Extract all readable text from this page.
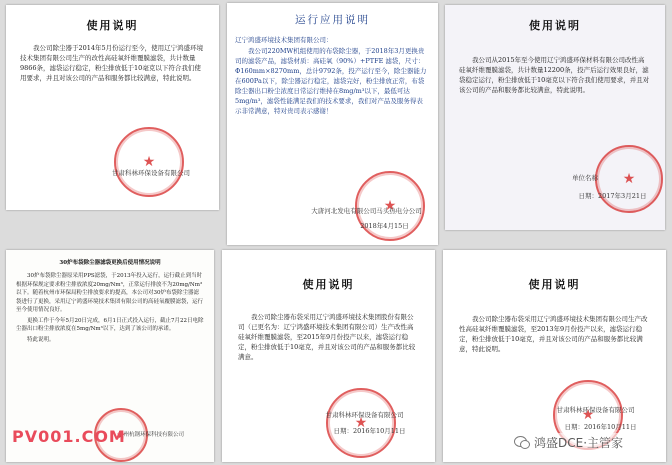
使用说明

我公司除尘器于2014年5月份运行至今，使用辽宁鸿盛环境技术集团有限公司生产的改性高硅氧纤维覆膜滤袋，共计数量9866条，滤袋运行稳定，粉尘排放低于10毫克以下符合我们使用要求，并且对该公司的产品和服务都比较满意，特此说明。

★
甘肃科林环保设备有限公司
运行应用说明
辽宁鸿盛环境技术集团有限公司：

我公司220MW机组使用的布袋除尘器，于2018年3月更换贵司的滤袋产品，滤袋材质：高硅氧（90%）+PTFE 滤袋，尺寸：Φ160mm×8270mm，总计9792条，投产运行至今，除尘器能力在600Pa以下，除尘器运行稳定，滤袋完好，粉尘排放正常，布袋除尘器出口粉尘浓度日常运行维持在8mg/m³以下，最低可达5mg/m³，滤袋性能满足我们的技术要求，我们对产品及服务得表示非常满意，特对贵司表示感谢！

★
大唐河北发电有限公司马头热电分公司
2018年4月15日
使用说明

我公司从2015年至今使用辽宁鸿盛环保材料有限公司改性高硅氧纤维覆膜滤袋，共计数量12200条，投产后运行效果良好，滤袋稳定运行，粉尘排放低于10毫克以下符合我们使用要求，并且对该公司的产品和服务都比较满意，特此说明。

★
单位名称
日期：2017年3月21日
30炉布袋除尘器滤袋更换后使用情况说明

30炉布袋除尘器原采用PPS滤袋，于2013年投入运行，运行截止到当时根据环保规定要求粉尘排放浓度20mg/Nm³，正常运行排放不为20mg/Nm³ 以下。随着杭州市环保局粉尘排放要求的提高，本公司对30炉布袋除尘器滤袋进行了更换，采用辽宁鸿盛环境技术集团有限公司的高硅氧覆膜滤袋，运行至今使用情况良好。

更换工作于今年5月20日完成，6月1日正式投入运行，截止7月22日电除尘器出口粉尘排放浓度在5mg/Nm³以下，达到了该公司的承诺。

特此说明。

★
杭州杭钢环保科技有限公司
使用说明

我公司除尘器布袋采用辽宁鸿盛环境技术集团股份有限公司（已更名为：辽宁鸿盛环境技术集团有限公司）生产改性高硅氧纤维覆膜滤袋，至2015年9月份投产以来，滤袋运行稳定，粉尘排放低于10毫克，并且对该公司的产品和服务都比较满意。

★
甘肃科林环保设备有限公司
日期：2016年10月11日
使用说明

我公司除尘器布袋采用辽宁鸿盛环境技术集团有限公司生产改性高硅氧纤维覆膜滤袋，至2013年9月份投产以来，滤袋运行稳定，粉尘排放低于10毫克，并且对该公司的产品和服务都比较满意，特此说明。

★
甘肃科林环保设备有限公司
日期：2016年10月11日
PV001.COM	鸿盛DCE·主管家
